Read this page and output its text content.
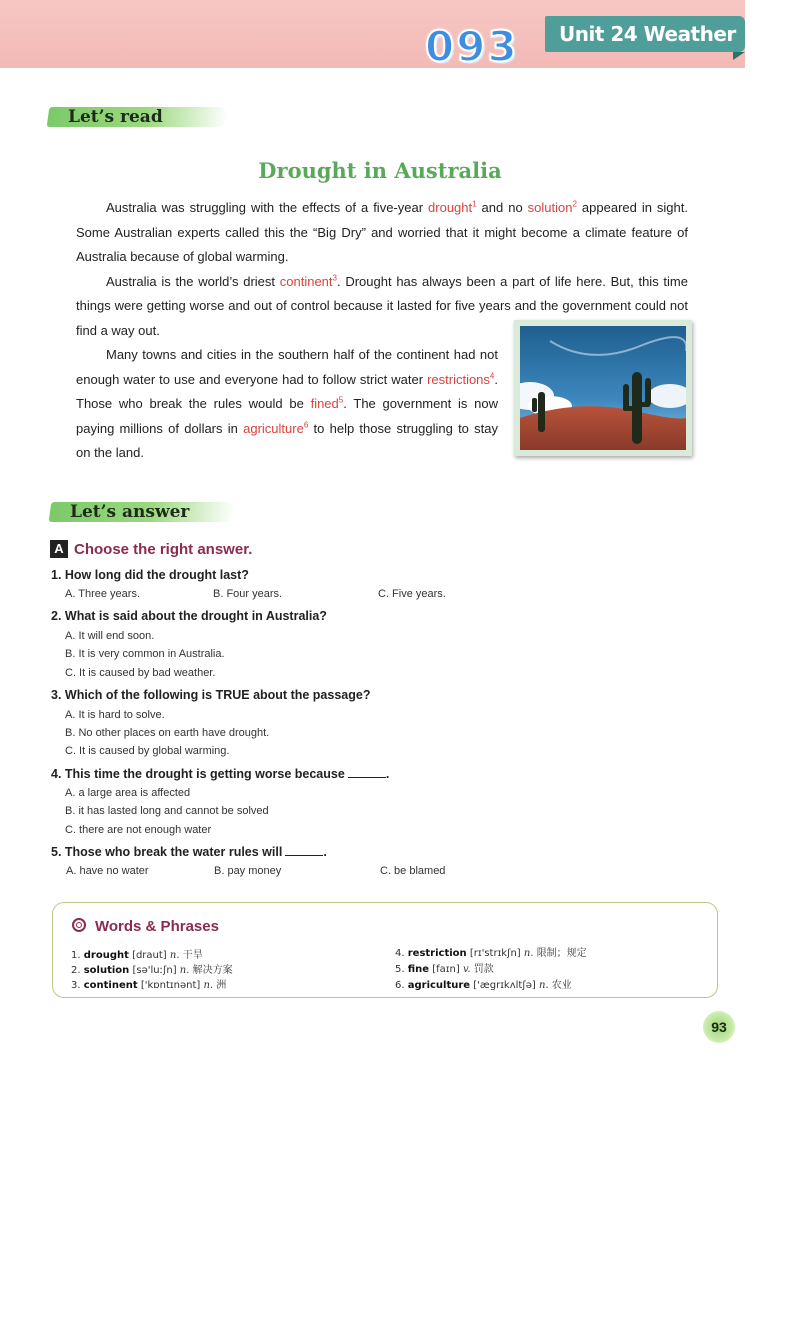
093	Unit 24 Weather
Let’s read
Drought in Australia

Australia was struggling with the effects of a five-year drought$^1$ and no solution$^2$ appeared in sight. Some Australian experts called this the “Big Dry” and worried that it might become a climate feature of Australia because of global warming.

Australia is the world’s driest continent$^3$. Drought has always been a part of life here. But, this time things were getting worse and out of control because it lasted for five years and the government could not find a way out.

Many towns and cities in the southern half of the continent had not enough water to use and everyone had to follow strict water restrictions$^4$. Those who break the rules would be fined$^5$. The government is now paying millions of dollars in agriculture$^6$ to help those struggling to stay on the land.

Let’s answer
A Choose the right answer.
1. How long did the drought last?
A. Three years.	B. Four years.	C. Five years.
2. What is said about the drought in Australia?
A. It will end soon.
B. It is very common in Australia.
C. It is caused by bad weather.
3. Which of the following is TRUE about the passage?
A. It is hard to solve.
B. No other places on earth have drought.
C. It is caused by global warming.
4. This time the drought is getting worse because	.
A. a large area is affected
B. it has lasted long and cannot be solved
C. there are not enough water
5. Those who break the water rules will	.
A. have no water	B. pay money	C. be blamed
Words & Phrases
1. drought [draut] n. 干旱
2. solution [sə'luːʃn] n. 解决方案
3. continent ['kɒntɪnənt] n. 洲
4. restriction [rɪ'strɪkʃn] n. 限制；规定
5. fine [faɪn] v. 罚款
6. agriculture ['ægrɪkʌltʃə] n. 农业
93
